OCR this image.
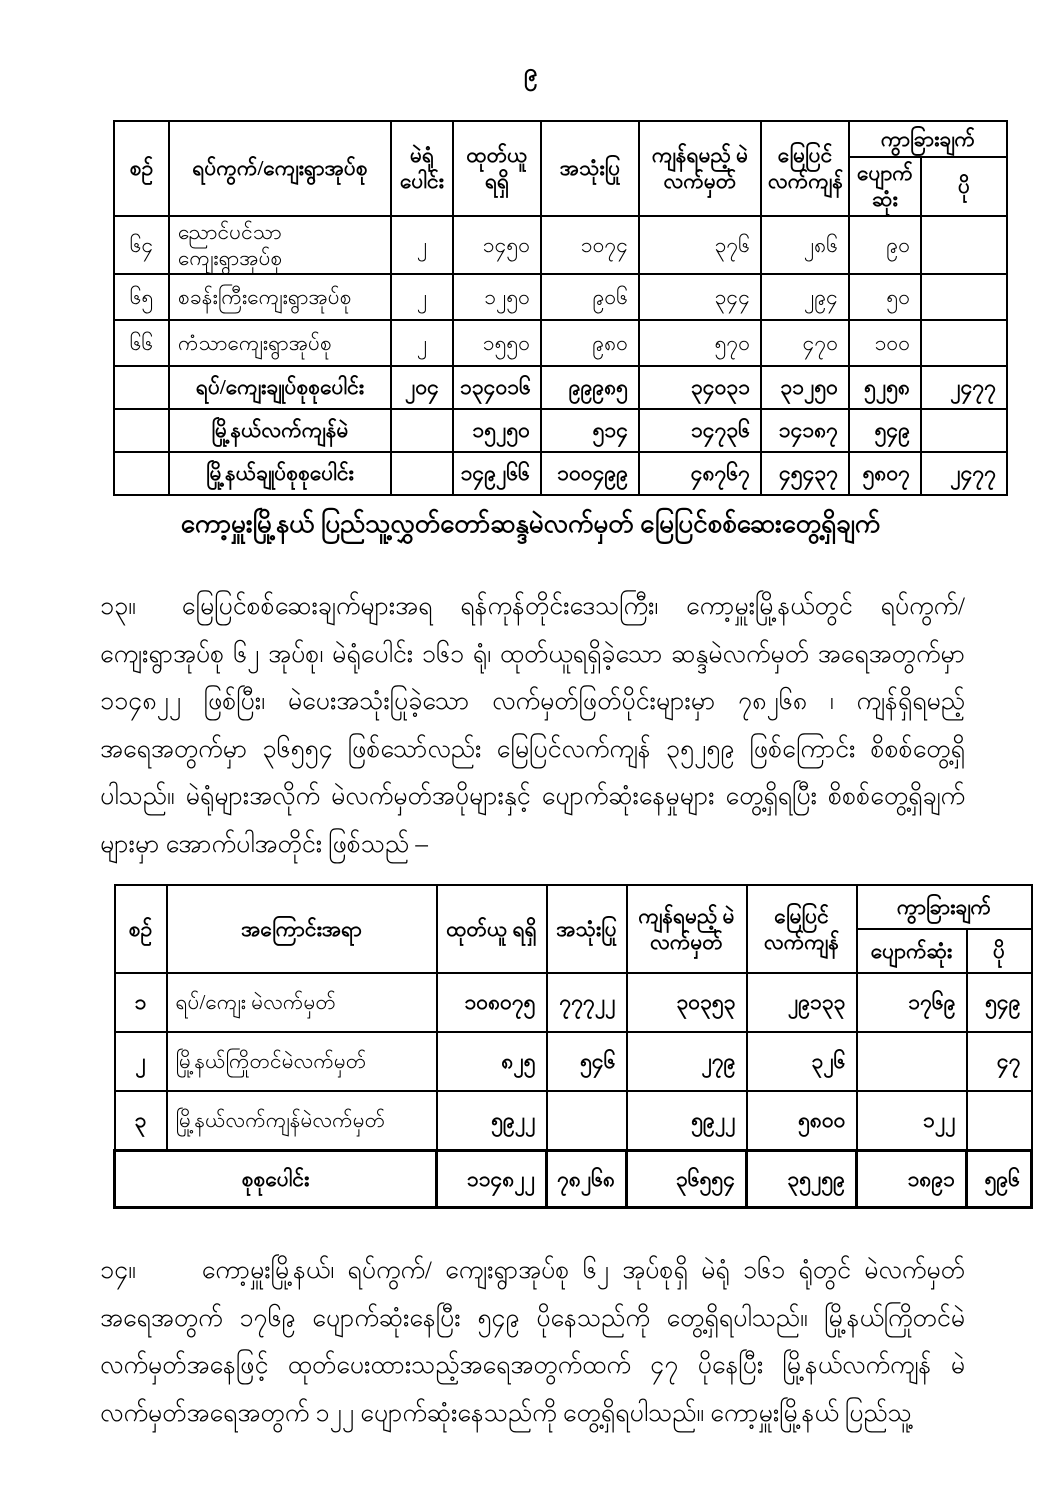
၉
စဉ်	ရပ်ကွက်/ကျေးရွာအုပ်စု	မဲရုံ ပေါင်း	ထုတ်ယူ ရရှိ	အသုံးပြု	ကျန်ရမည့် မဲလက်မှတ်	မြေပြင် လက်ကျန်	ကွာခြားချက်	
							ပျောက် ဆုံး	ပို
၆၄	ညောင်ပင်သာကျေးရွာအုပ်စု	၂	၁၄၅၀	၁၀၇၄	၃၇၆	၂၈၆	၉၀	
၆၅	စခန်းကြီးကျေးရွာအုပ်စု	၂	၁၂၅၀	၉၀၆	၃၄၄	၂၉၄	၅၀	
၆၆	ကံသာကျေးရွာအုပ်စု	၂	၁၅၅၀	၉၈၀	၅၇၀	၄၇၀	၁၀၀	
	ရပ်/ကျေးချုပ်စုစုပေါင်း	၂၀၄	၁၃၄၀၁၆	၉၉၉၈၅	၃၄၀၃၁	၃၁၂၅၀	၅၂၅၈	၂၄၇၇
	မြို့နယ်လက်ကျန်မဲ		၁၅၂၅၀	၅၁၄	၁၄၇၃၆	၁၄၁၈၇	၅၄၉	
	မြို့နယ်ချုပ်စုစုပေါင်း		၁၄၉၂၆၆	၁၀၀၄၉၉	၄၈၇၆၇	၄၅၄၃၇	၅၈၀၇	၂၄၇၇
ကော့မှူးမြို့နယ် ပြည်သူ့လွှတ်တော်ဆန္ဒမဲလက်မှတ် မြေပြင်စစ်ဆေးတွေ့ရှိချက်

၁၃။ မြေပြင်စစ်ဆေးချက်များအရ ရန်ကုန်တိုင်းဒေသကြီး၊ ကော့မှူးမြို့နယ်တွင် ရပ်ကွက်/ ကျေးရွာအုပ်စု ၆၂ အုပ်စု၊ မဲရုံပေါင်း ၁၆၁ ရုံ၊ ထုတ်ယူရရှိခဲ့သော ဆန္ဒမဲလက်မှတ် အရေအတွက်မှာ ၁၁၄၈၂၂ ဖြစ်ပြီး၊ မဲပေးအသုံးပြုခဲ့သော လက်မှတ်ဖြတ်ပိုင်းများမှာ ၇၈၂၆၈ ၊ ကျန်ရှိရမည့် အရေအတွက်မှာ ၃၆၅၅၄ ဖြစ်သော်လည်း မြေပြင်လက်ကျန် ၃၅၂၅၉ ဖြစ်ကြောင်း စိစစ်တွေ့ရှိ ပါသည်။ မဲရုံများအလိုက် မဲလက်မှတ်အပိုများနှင့် ပျောက်ဆုံးနေမှုများ တွေ့ရှိရပြီး စိစစ်တွေ့ရှိချက် များမှာ အောက်ပါအတိုင်း ဖြစ်သည် –

စဉ်	အကြောင်းအရာ	ထုတ်ယူ ရရှိ	အသုံးပြု	ကျန်ရမည့် မဲလက်မှတ်	မြေပြင် လက်ကျန်	ကွာခြားချက်	
						ပျောက်ဆုံး	ပို
၁	ရပ်/ကျေး မဲလက်မှတ်	၁၀၈၀၇၅	၇၇၇၂၂	၃၀၃၅၃	၂၉၁၃၃	၁၇၆၉	၅၄၉
၂	မြို့နယ်ကြိုတင်မဲလက်မှတ်	၈၂၅	၅၄၆	၂၇၉	၃၂၆		၄၇
၃	မြို့နယ်လက်ကျန်မဲလက်မှတ်	၅၉၂၂		၅၉၂၂	၅၈၀၀	၁၂၂	
စုစုပေါင်း		၁၁၄၈၂၂	၇၈၂၆၈	၃၆၅၅၄	၃၅၂၅၉	၁၈၉၁	၅၉၆

၁၄။	ကော့မှူးမြို့နယ်၊ ရပ်ကွက်/ ကျေးရွာအုပ်စု ၆၂ အုပ်စုရှိ မဲရုံ ၁၆၁ ရုံတွင် မဲလက်မှတ် အရေအတွက် ၁၇၆၉ ပျောက်ဆုံးနေပြီး ၅၄၉ ပိုနေသည်ကို တွေ့ရှိရပါသည်။ မြို့နယ်ကြိုတင်မဲ လက်မှတ်အနေဖြင့် ထုတ်ပေးထားသည့်အရေအတွက်ထက် ၄၇ ပိုနေပြီး မြို့နယ်လက်ကျန် မဲလက်မှတ်အရေအတွက် ၁၂၂ ပျောက်ဆုံးနေသည်ကို တွေ့ရှိရပါသည်။ ကော့မှူးမြို့နယ် ပြည်သူ့
